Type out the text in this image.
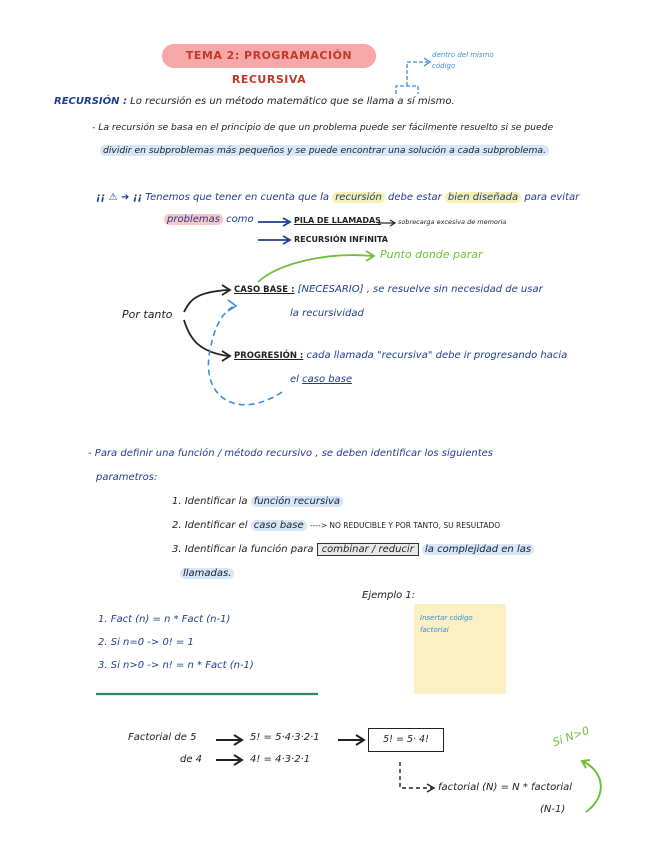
TEMA 2: PROGRAMACIÓN RECURSIVA
dentro del mismo código
RECURSIÓN : Lo recursión es un método matemático que se llama a sí mismo.
- La recursión se basa en el principio de que un problema puede ser fácilmente resuelto si se puede
dividir en subproblemas más pequeños y se puede encontrar una solución a cada subproblema.
¡¡ ⚠ ➜ ¡¡ Tenemos que tener en cuenta que la recursión debe estar bien diseñada para evitar
problemas como	PILA DE LLAMADAS	sobrecarga excesiva de memoria
RECURSIÓN INFINITA
Por tanto
Punto donde parar
CASO BASE : [NECESARIO] , se resuelve sin necesidad de usar
la recursividad
PROGRESIÓN : cada llamada "recursiva" debe ir progresando hacia
el caso base
- Para definir una función / método recursivo , se deben identificar los siguientes
parametros:
1. Identificar la función recursiva
2. Identificar el caso base ----> NO REDUCIBLE Y POR TANTO, SU RESULTADO
3. Identificar la función para combinar / reducir la complejidad en las
llamadas.
Ejemplo 1:
1. Fact (n) = n * Fact (n-1)
2. Si n=0 -> 0! = 1
3. Si n>0 -> n! = n * Fact (n-1)
Insertar código factorial
Factorial de 5	5! = 5·4·3·2·1	5! = 5· 4!
de 4	4! = 4·3·2·1
factorial (N) = N * factorial
(N-1)
Si N>0
